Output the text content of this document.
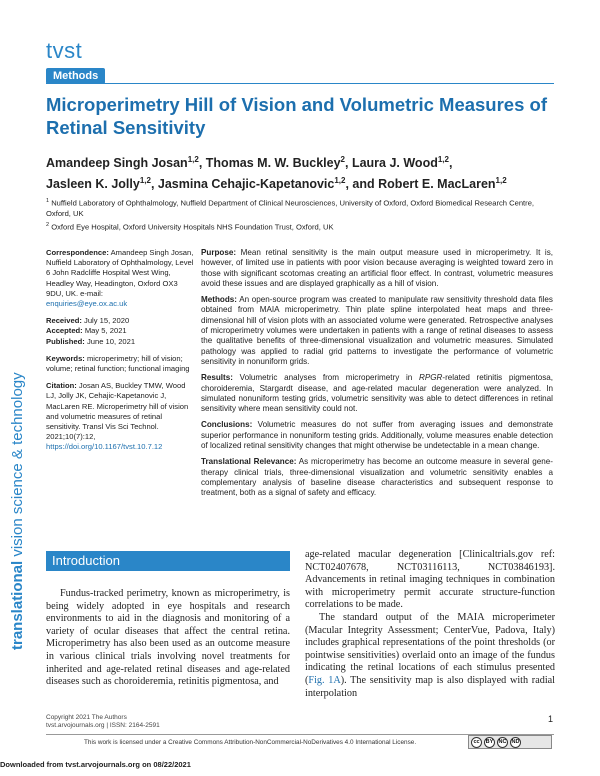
tvst
Methods
Microperimetry Hill of Vision and Volumetric Measures of Retinal Sensitivity
Amandeep Singh Josan$^{1,2}$, Thomas M. W. Buckley$^2$, Laura J. Wood$^{1,2}$,
Jasleen K. Jolly$^{1,2}$, Jasmina Cehajic-Kapetanovic$^{1,2}$, and Robert E. MacLaren$^{1,2}$

$^1$ Nuffield Laboratory of Ophthalmology, Nuffield Department of Clinical Neurosciences, University of Oxford, Oxford Biomedical Research Centre, Oxford, UK

$^2$ Oxford Eye Hospital, Oxford University Hospitals NHS Foundation Trust, Oxford, UK

translational vision science & technology
Correspondence: Amandeep Singh Josan, Nuffield Laboratory of Ophthalmology, Level 6 John Radcliffe Hospital West Wing, Headley Way, Headington, Oxford OX3 9DU, UK. e-mail:
enquiries@eye.ox.ac.uk
Received: July 15, 2020
Accepted: May 5, 2021
Published: June 10, 2021
Keywords: microperimetry; hill of vision; volume; retinal function; functional imaging
Citation: Josan AS, Buckley TMW, Wood LJ, Jolly JK, Cehajic-Kapetanovic J, MacLaren RE. Microperimetry hill of vision and volumetric measures of retinal sensitivity. Transl Vis Sci Technol. 2021;10(7):12, https://doi.org/10.1167/tvst.10.7.12
Purpose: Mean retinal sensitivity is the main output measure used in microperimetry. It is, however, of limited use in patients with poor vision because averaging is weighted toward zero in those with significant scotomas creating an artificial floor effect. In contrast, volumetric measures avoid these issues and are displayed graphically as a hill of vision.
Methods: An open-source program was created to manipulate raw sensitivity threshold data files obtained from MAIA microperimetry. Thin plate spline interpolated heat maps and three-dimensional hill of vision plots with an associated volume were generated. Retrospective analyses of microperimetry volumes were undertaken in patients with a range of retinal diseases to assess the qualitative benefits of three-dimensional visualization and volumetric measures. Simulated pathology was applied to radial grid patterns to investigate the performance of volumetric sensitivity in nonuniform grids.
Results: Volumetric analyses from microperimetry in RPGR-related retinitis pigmentosa, choroideremia, Stargardt disease, and age-related macular degeneration were analyzed. In simulated nonuniform testing grids, volumetric sensitivity was able to detect differences in retinal sensitivity where mean sensitivity could not.
Conclusions: Volumetric measures do not suffer from averaging issues and demonstrate superior performance in nonuniform testing grids. Additionally, volume measures enable detection of localized retinal sensitivity changes that might otherwise be undetectable in a mean change.
Translational Relevance: As microperimetry has become an outcome measure in several gene-therapy clinical trials, three-dimensional visualization and volumetric sensitivity enables a complementary analysis of baseline disease characteristics and subsequent response to treatment, both as a signal of safety and efficacy.
Introduction

Fundus-tracked perimetry, known as microperimetry, is being widely adopted in eye hospitals and research environments to aid in the diagnosis and monitoring of a variety of ocular diseases that affect the central retina. Microperimetry has also been used as an outcome measure in various clinical trials involving novel treatments for inherited and age-related retinal diseases and age-related diseases such as choroideremia, retinitis pigmentosa, and

age-related macular degeneration [Clinicaltrials.gov ref: NCT02407678, NCT03116113, NCT03846193]. Advancements in retinal imaging techniques in combination with microperimetry permit accurate structure-function correlations to be made.

The standard output of the MAIA microperimeter (Macular Integrity Assessment; CenterVue, Padova, Italy) includes graphical representations of the point thresholds (or pointwise sensitivities) overlaid onto an image of the fundus indicating the retinal locations of each stimulus presented (Fig. 1A). The sensitivity map is also displayed with radial interpolation

Copyright 2021 The Authors
tvst.arvojournals.org | ISSN: 2164-2591
1
This work is licensed under a Creative Commons Attribution-NonCommercial-NoDerivatives 4.0 International License.	cc	BY NC ND
Downloaded from tvst.arvojournals.org on 08/22/2021
